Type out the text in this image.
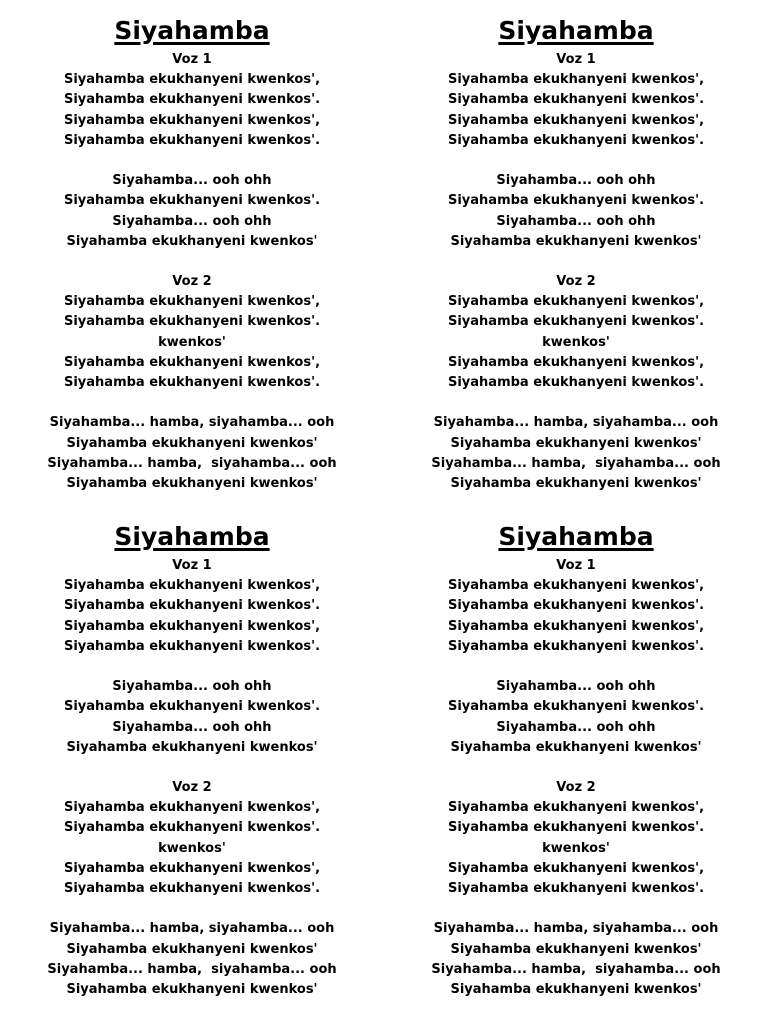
Siyahamba
Voz 1
Siyahamba ekukhanyeni kwenkos',
Siyahamba ekukhanyeni kwenkos'.
Siyahamba ekukhanyeni kwenkos',
Siyahamba ekukhanyeni kwenkos'.
Siyahamba... ooh ohh
Siyahamba ekukhanyeni kwenkos'.
Siyahamba... ooh ohh
Siyahamba ekukhanyeni kwenkos'
Voz 2
Siyahamba ekukhanyeni kwenkos',
Siyahamba ekukhanyeni kwenkos'.
kwenkos'
Siyahamba ekukhanyeni kwenkos',
Siyahamba ekukhanyeni kwenkos'.
Siyahamba... hamba, siyahamba... ooh
Siyahamba ekukhanyeni kwenkos'
Siyahamba... hamba,  siyahamba... ooh
Siyahamba ekukhanyeni kwenkos'
Siyahamba
Voz 1
Siyahamba ekukhanyeni kwenkos',
Siyahamba ekukhanyeni kwenkos'.
Siyahamba ekukhanyeni kwenkos',
Siyahamba ekukhanyeni kwenkos'.
Siyahamba... ooh ohh
Siyahamba ekukhanyeni kwenkos'.
Siyahamba... ooh ohh
Siyahamba ekukhanyeni kwenkos'
Voz 2
Siyahamba ekukhanyeni kwenkos',
Siyahamba ekukhanyeni kwenkos'.
kwenkos'
Siyahamba ekukhanyeni kwenkos',
Siyahamba ekukhanyeni kwenkos'.
Siyahamba... hamba, siyahamba... ooh
Siyahamba ekukhanyeni kwenkos'
Siyahamba... hamba,  siyahamba... ooh
Siyahamba ekukhanyeni kwenkos'
Siyahamba
Voz 1
Siyahamba ekukhanyeni kwenkos',
Siyahamba ekukhanyeni kwenkos'.
Siyahamba ekukhanyeni kwenkos',
Siyahamba ekukhanyeni kwenkos'.
Siyahamba... ooh ohh
Siyahamba ekukhanyeni kwenkos'.
Siyahamba... ooh ohh
Siyahamba ekukhanyeni kwenkos'
Voz 2
Siyahamba ekukhanyeni kwenkos',
Siyahamba ekukhanyeni kwenkos'.
kwenkos'
Siyahamba ekukhanyeni kwenkos',
Siyahamba ekukhanyeni kwenkos'.
Siyahamba... hamba, siyahamba... ooh
Siyahamba ekukhanyeni kwenkos'
Siyahamba... hamba,  siyahamba... ooh
Siyahamba ekukhanyeni kwenkos'
Siyahamba
Voz 1
Siyahamba ekukhanyeni kwenkos',
Siyahamba ekukhanyeni kwenkos'.
Siyahamba ekukhanyeni kwenkos',
Siyahamba ekukhanyeni kwenkos'.
Siyahamba... ooh ohh
Siyahamba ekukhanyeni kwenkos'.
Siyahamba... ooh ohh
Siyahamba ekukhanyeni kwenkos'
Voz 2
Siyahamba ekukhanyeni kwenkos',
Siyahamba ekukhanyeni kwenkos'.
kwenkos'
Siyahamba ekukhanyeni kwenkos',
Siyahamba ekukhanyeni kwenkos'.
Siyahamba... hamba, siyahamba... ooh
Siyahamba ekukhanyeni kwenkos'
Siyahamba... hamba,  siyahamba... ooh
Siyahamba ekukhanyeni kwenkos'
